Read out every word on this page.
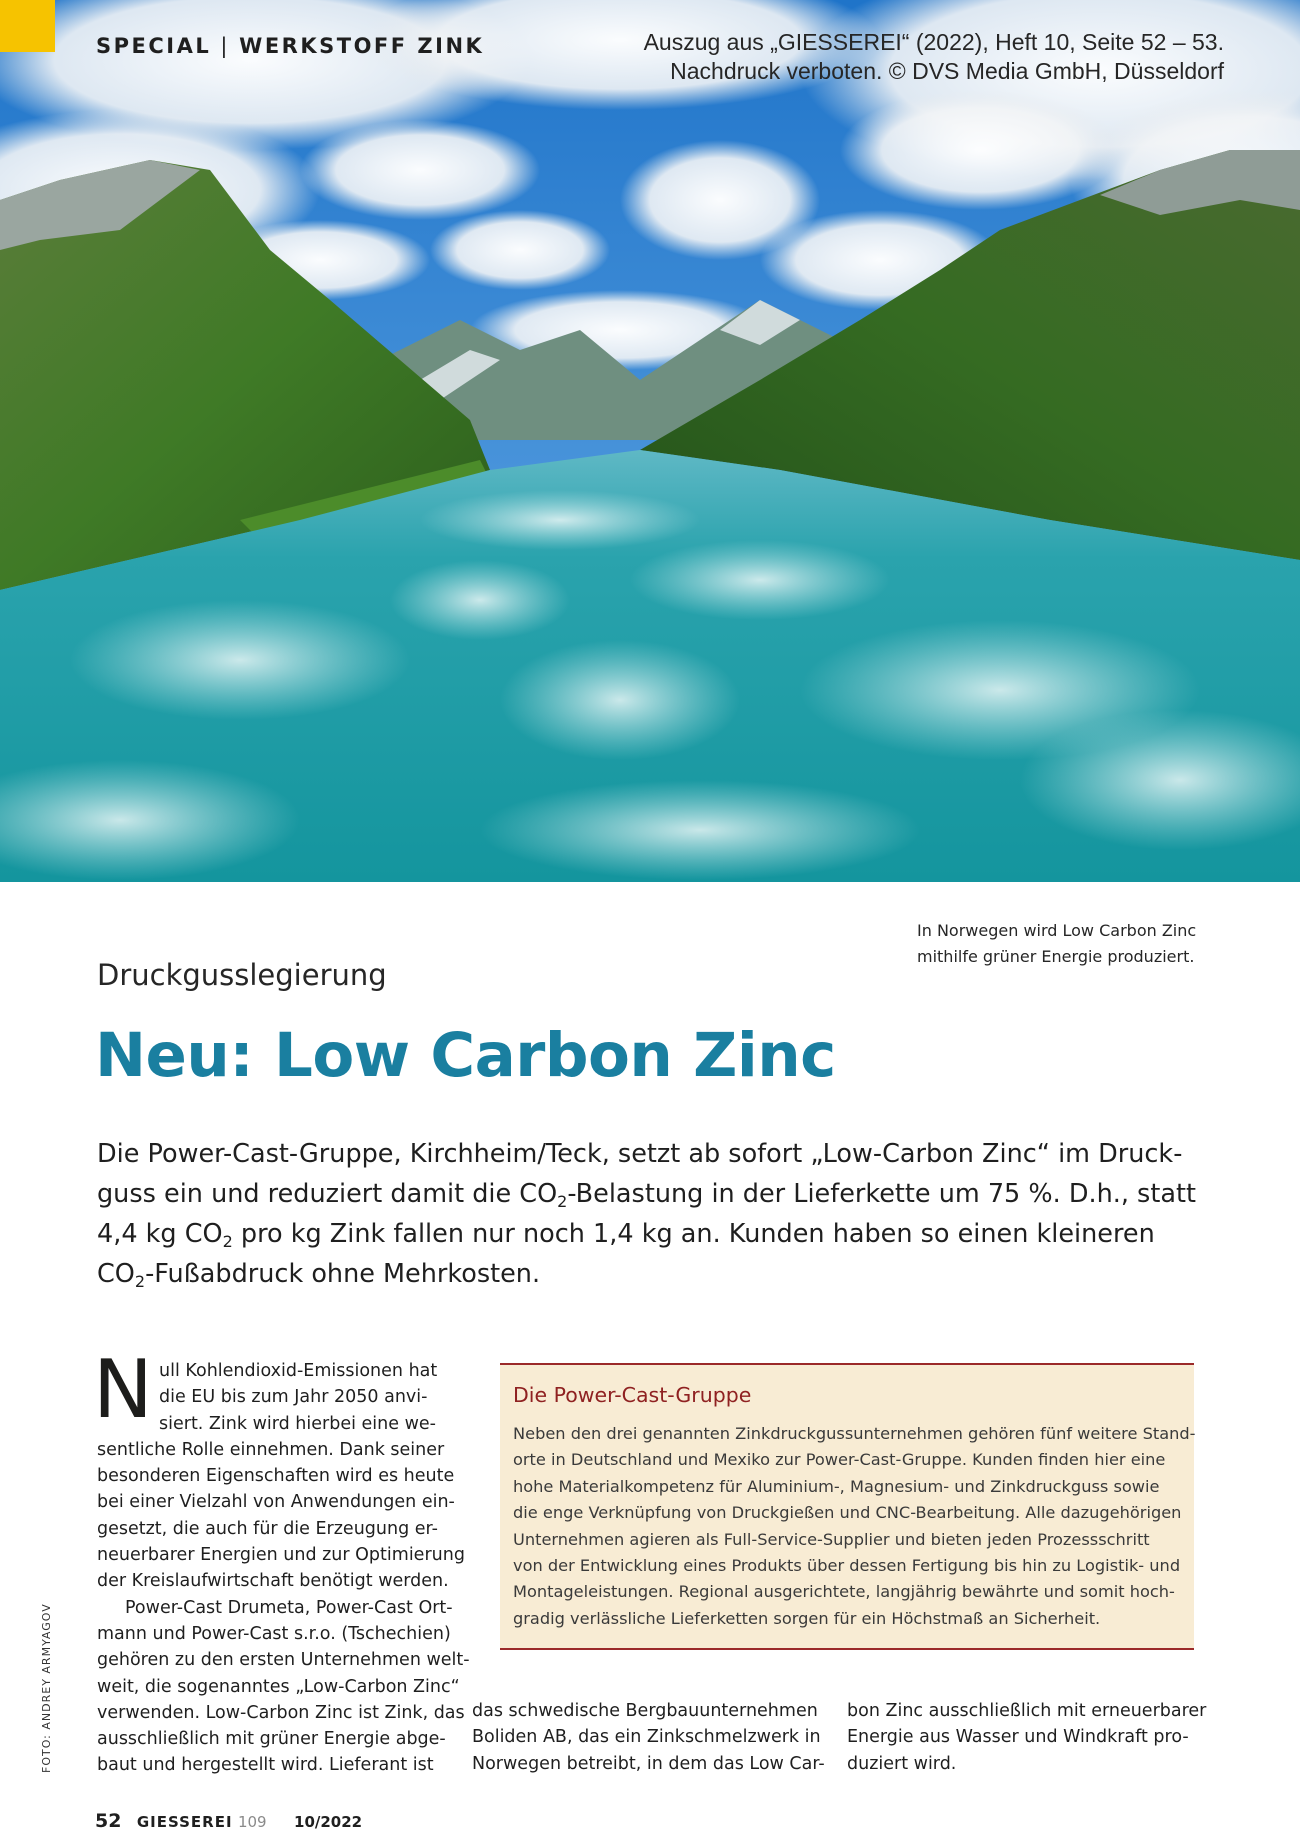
SPECIAL | WERKSTOFF ZINK	Auszug aus „GIESSEREI“ (2022), Heft 10, Seite 52 – 53.
Nachdruck verboten. © DVS Media GmbH, Düsseldorf
In Norwegen wird Low Carbon Zinc
mithilfe grüner Energie produziert.
Druckgusslegierung
Neu: Low Carbon Zinc
Die Power-Cast-Gruppe, Kirchheim/Teck, setzt ab sofort „Low-Carbon Zinc“ im Druck-
guss ein und reduziert damit die $CO_2$-Belastung in der Lieferkette um 75 %. D.h., statt
4,4 kg $CO_2$ pro kg Zink fallen nur noch 1,4 kg an. Kunden haben so einen kleineren
$CO_2$-Fußabdruck ohne Mehrkosten.
N ull Kohlendioxid-Emissionen hat
die EU bis zum Jahr 2050 anvi-
siert. Zink wird hierbei eine we-
sentliche Rolle einnehmen. Dank seiner
besonderen Eigenschaften wird es heute
bei einer Vielzahl von Anwendungen ein-
gesetzt, die auch für die Erzeugung er-
neuerbarer Energien und zur Optimierung
der Kreislaufwirtschaft benötigt werden.
Power-Cast Drumeta, Power-Cast Ort-
mann und Power-Cast s.r.o. (Tschechien)
gehören zu den ersten Unternehmen welt-
weit, die sogenanntes „Low-Carbon Zinc“
verwenden. Low-Carbon Zinc ist Zink, das
ausschließlich mit grüner Energie abge-
baut und hergestellt wird. Lieferant ist
FOTO: ANDREY ARMYAGOV
Die Power-Cast-Gruppe
Neben den drei genannten Zinkdruckgussunternehmen gehören fünf weitere Stand-
orte in Deutschland und Mexiko zur Power-Cast-Gruppe. Kunden finden hier eine
hohe Materialkompetenz für Aluminium-, Magnesium- und Zinkdruckguss sowie
die enge Verknüpfung von Druckgießen und CNC-Bearbeitung. Alle dazugehörigen
Unternehmen agieren als Full-Service-Supplier und bieten jeden Prozessschritt
von der Entwicklung eines Produkts über dessen Fertigung bis hin zu Logistik- und
Montageleistungen. Regional ausgerichtete, langjährig bewährte und somit hoch-
gradig verlässliche Lieferketten sorgen für ein Höchstmaß an Sicherheit.
das schwedische Bergbauunternehmen
Boliden AB, das ein Zinkschmelzwerk in
Norwegen betreibt, in dem das Low Car-
bon Zinc ausschließlich mit erneuerbarer
Energie aus Wasser und Windkraft pro-
duziert wird.
52 GIESSEREI 109 10/2022
